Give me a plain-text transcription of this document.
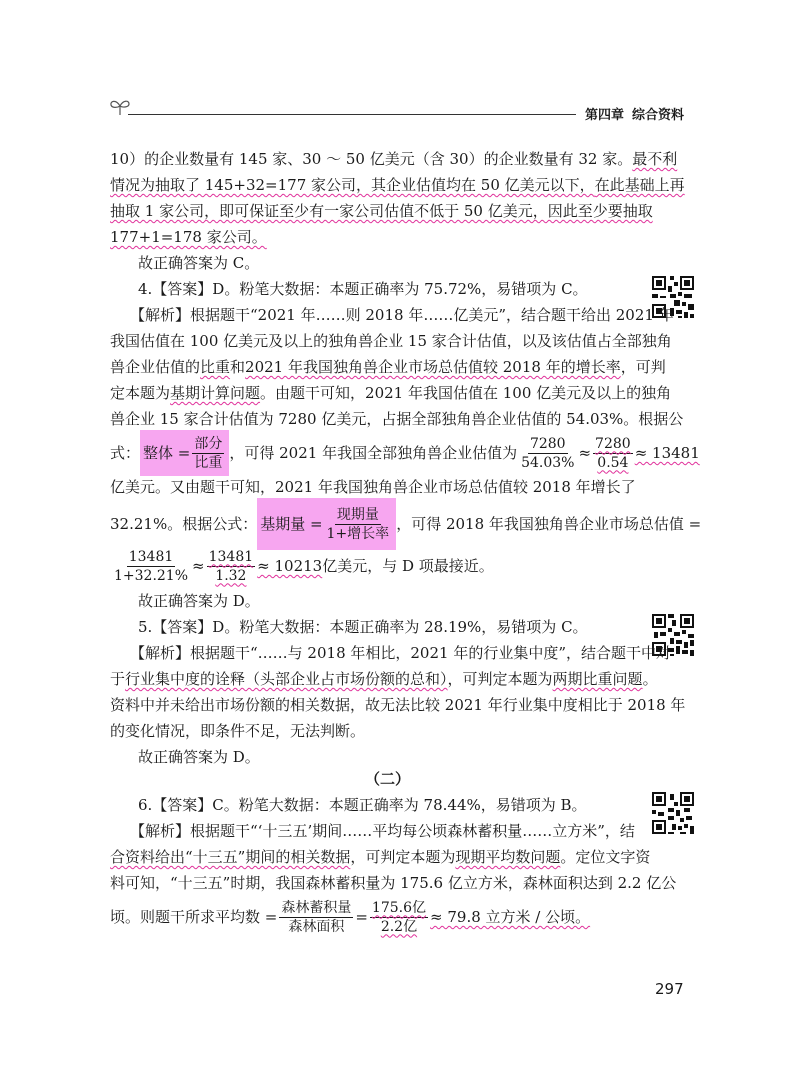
第四章 综合资料
10）的企业数量有 145 家、30 ～ 50 亿美元（含 30）的企业数量有 32 家。最不利
情况为抽取了 145+32=177 家公司，其企业估值均在 50 亿美元以下，在此基础上再
抽取 1 家公司，即可保证至少有一家公司估值不低于 50 亿美元，因此至少要抽取
177+1=178 家公司。
故正确答案为 C。
4.【答案】D。粉笔大数据：本题正确率为 75.72%，易错项为 C。
【解析】根据题干“2021 年……则 2018 年……亿美元”，结合题干给出 2021 年
我国估值在 100 亿美元及以上的独角兽企业 15 家合计估值，以及该估值占全部独角
兽企业估值的比重和2021 年我国独角兽企业市场总估值较 2018 年的增长率，可判
定本题为基期计算问题。由题干可知，2021 年我国估值在 100 亿美元及以上的独角
兽企业 15 家合计估值为 7280 亿美元，占据全部独角兽企业估值的 54.03%。根据公
式： 整体 = $\frac{\text{部分}}{\text{比重}}$ ，可得 2021 年我国全部独角兽企业估值为 $\frac{7280}{54.03\%} \approx \frac{7280}{0.54} \approx 13481$
亿美元。又由题干可知，2021 年我国独角兽企业市场总估值较 2018 年增长了
32.21%。根据公式： 基期量 = $\frac{\text{现期量}}{\text{1+增长率}}$ ，可得 2018 年我国独角兽企业市场总估值 =
$\frac{13481}{1+32.21\%} \approx \frac{13481}{1.32} \approx 10213$ 亿美元，与 D 项最接近。
故正确答案为 D。
5.【答案】D。粉笔大数据：本题正确率为 28.19%，易错项为 C。
【解析】根据题干“……与 2018 年相比，2021 年的行业集中度”，结合题干中对
于行业集中度的诠释（头部企业占市场份额的总和），可判定本题为两期比重问题。
资料中并未给出市场份额的相关数据，故无法比较 2021 年行业集中度相比于 2018 年
的变化情况，即条件不足，无法判断。
故正确答案为 D。
（二）
6.【答案】C。粉笔大数据：本题正确率为 78.44%，易错项为 B。
【解析】根据题干“‘十三五’期间……平均每公顷森林蓄积量……立方米”，结
合资料给出“十三五”期间的相关数据，可判定本题为现期平均数问题。定位文字资
料可知，“十三五”时期，我国森林蓄积量为 175.6 亿立方米，森林面积达到 2.2 亿公
顷。则题干所求平均数 = $\frac{\text{森林蓄积量}}{\text{森林面积}} = \frac{\text{175.6亿}}{\text{2.2亿}} \approx 79.8$ 立方米 / 公顷。
297
